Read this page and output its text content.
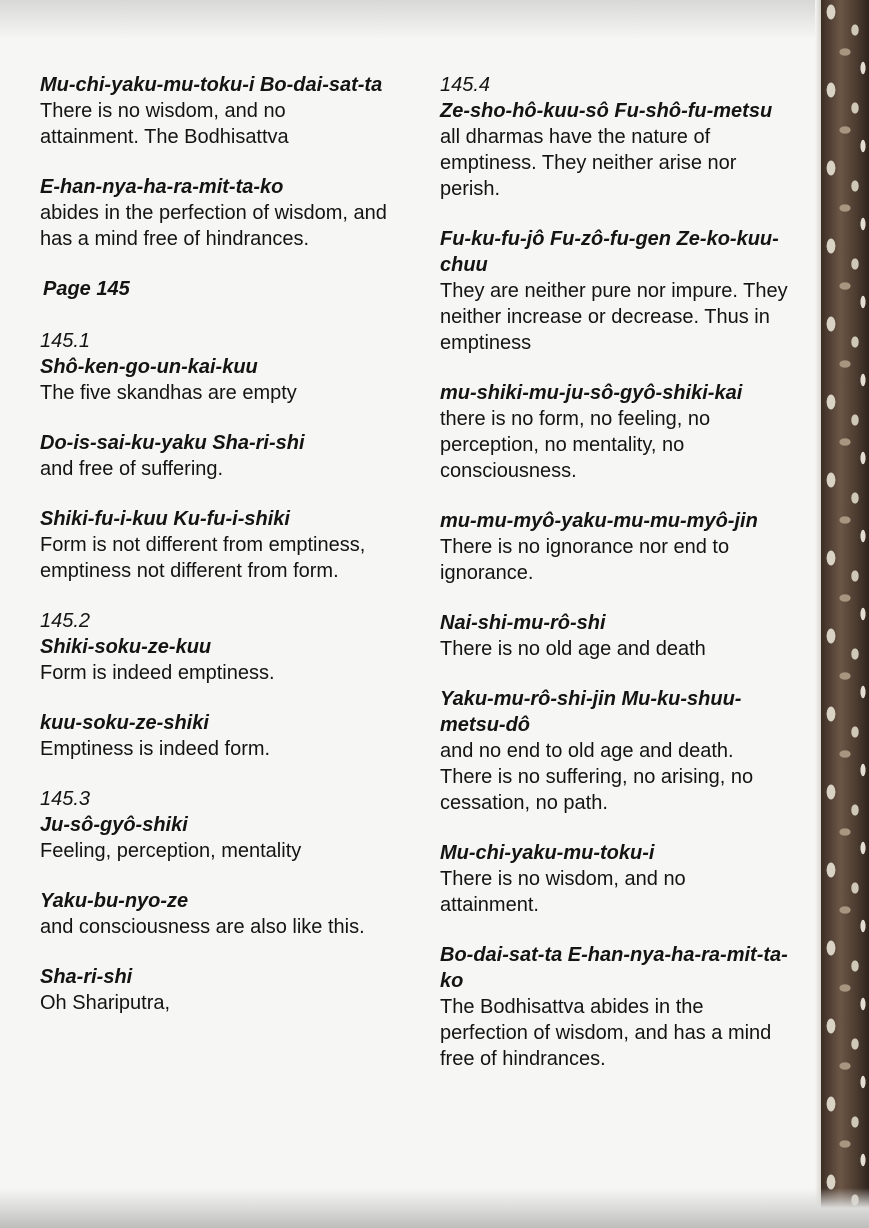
Mu-chi-yaku-mu-toku-i Bo-dai-sat-ta
There is no wisdom, and no attainment. The Bodhisattva
E-han-nya-ha-ra-mit-ta-ko
abides in the perfection of wisdom, and has a mind free of hindrances.
Page 145
145.1
Shô-ken-go-un-kai-kuu
The five skandhas are empty
Do-is-sai-ku-yaku Sha-ri-shi
and free of suffering.
Shiki-fu-i-kuu Ku-fu-i-shiki
Form is not different from emptiness, emptiness not different from form.
145.2
Shiki-soku-ze-kuu
Form is indeed emptiness.
kuu-soku-ze-shiki
Emptiness is indeed form.
145.3
Ju-sô-gyô-shiki
Feeling, perception, mentality
Yaku-bu-nyo-ze
and consciousness are also like this.
Sha-ri-shi
Oh Shariputra,
145.4
Ze-sho-hô-kuu-sô Fu-shô-fu-metsu
all dharmas have the nature of emptiness. They neither arise nor perish.
Fu-ku-fu-jô Fu-zô-fu-gen Ze-ko-kuu-chuu
They are neither pure nor impure. They neither increase or decrease. Thus in emptiness
mu-shiki-mu-ju-sô-gyô-shiki-kai
there is no form, no feeling, no perception, no mentality, no consciousness.
mu-mu-myô-yaku-mu-mu-myô-jin
There is no ignorance nor end to ignorance.
Nai-shi-mu-rô-shi
There is no old age and death
Yaku-mu-rô-shi-jin Mu-ku-shuu-metsu-dô
and no end to old age and death. There is no suffering, no arising, no cessation, no path.
Mu-chi-yaku-mu-toku-i
There is no wisdom, and no attainment.
Bo-dai-sat-ta E-han-nya-ha-ra-mit-ta-ko
The Bodhisattva abides in the perfection of wisdom, and has a mind free of hindrances.
